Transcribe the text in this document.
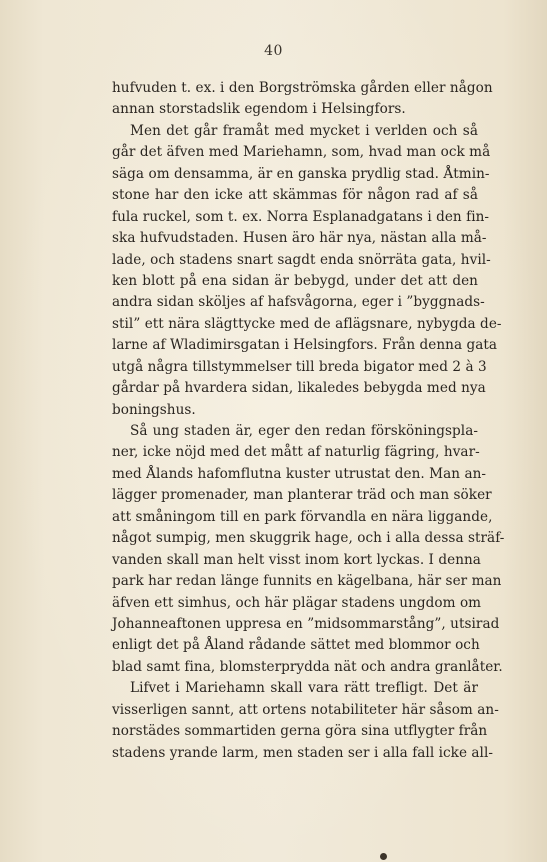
40
hufvuden t. ex. i den Borgströmska gården eller någon
annan storstadslik egendom i Helsingfors.
Men det går framåt med mycket i verlden och så
går det äfven med Mariehamn, som, hvad man ock må
säga om densamma, är en ganska prydlig stad. Åtmin-
stone har den icke att skämmas för någon rad af så
fula ruckel, som t. ex. Norra Esplanadgatans i den fin-
ska hufvudstaden. Husen äro här nya, nästan alla må-
lade, och stadens snart sagdt enda snörräta gata, hvil-
ken blott på ena sidan är bebygd, under det att den
andra sidan sköljes af hafsvågorna, eger i ”byggnads-
stil” ett nära slägttycke med de aflägsnare, nybygda de-
larne af Wladimirsgatan i Helsingfors. Från denna gata
utgå några tillstymmelser till breda bigator med 2 à 3
gårdar på hvardera sidan, likaledes bebygda med nya
boningshus.
Så ung staden är, eger den redan försköningspla-
ner, icke nöjd med det mått af naturlig fägring, hvar-
med Ålands hafomflutna kuster utrustat den. Man an-
lägger promenader, man planterar träd och man söker
att småningom till en park förvandla en nära liggande,
något sumpig, men skuggrik hage, och i alla dessa sträf-
vanden skall man helt visst inom kort lyckas. I denna
park har redan länge funnits en kägelbana, här ser man
äfven ett simhus, och här plägar stadens ungdom om
Johanneaftonen uppresa en ”midsommarstång”, utsirad
enligt det på Åland rådande sättet med blommor och
blad samt fina, blomsterprydda nät och andra granlåter.
Lifvet i Mariehamn skall vara rätt trefligt. Det är
visserligen sannt, att ortens notabiliteter här såsom an-
norstädes sommartiden gerna göra sina utflygter från
stadens yrande larm, men staden ser i alla fall icke all-
